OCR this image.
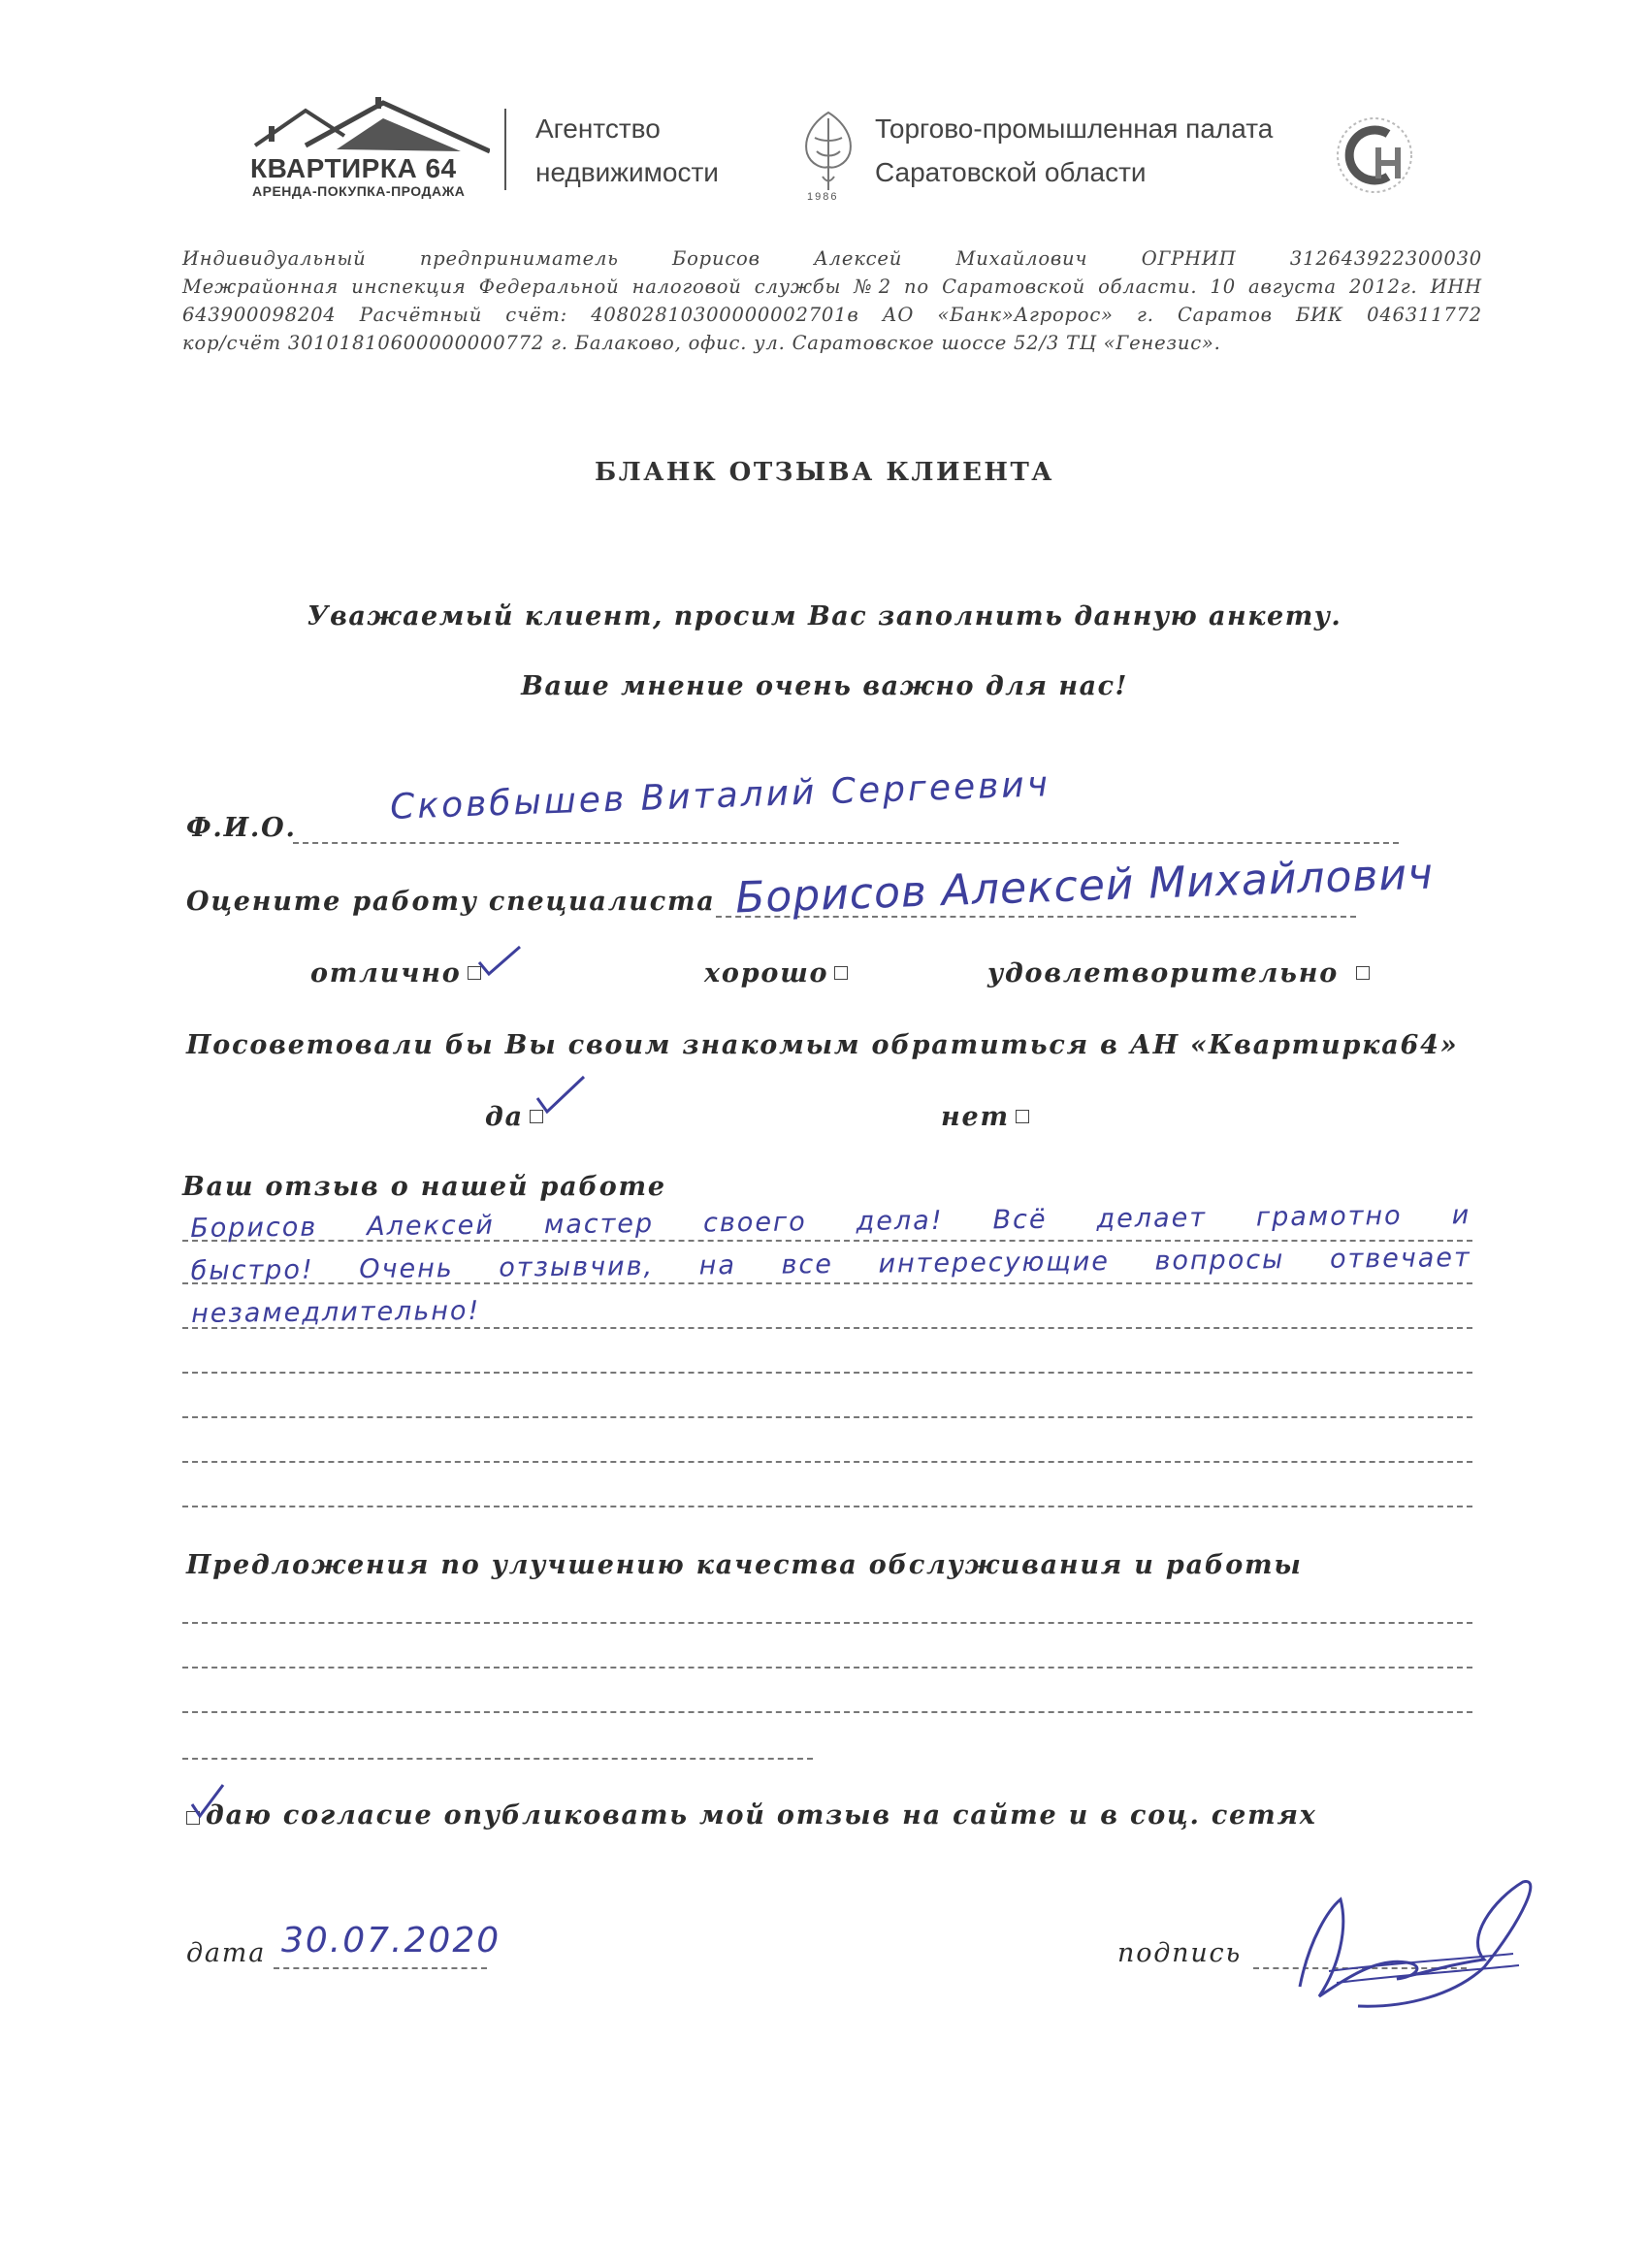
КВАРТИРКА 64
АРЕНДА-ПОКУПКА-ПРОДАЖА
Агентство
недвижимости
1986
Торгово-промышленная палата
Саратовской области
Индивидуальный предприниматель Борисов Алексей Михайлович ОГРНИП 312643922300030
Межрайонная инспекция Федеральной налоговой службы №2 по Саратовской области. 10 августа 2012г. ИНН
643900098204 Расчётный счёт: 40802810300000002701в АО «Банк»Агророс» г. Саратов БИК 046311772
кор/счёт 30101810600000000772 г. Балаково, офис. ул. Саратовское шоссе 52/3 ТЦ «Генезис».
БЛАНК ОТЗЫВА КЛИЕНТА
Уважаемый клиент, просим Вас заполнить данную анкету.
Ваше мнение очень важно для нас!
Ф.И.О.
Сковбышев Виталий Сергеевич
Оцените работу специалиста Борисов Алексей Михайлович
отлично	хорошо	удовлетворительно
Посоветовали бы Вы своим знакомым обратиться в АН «Квартирка64»
да	нет
Ваш отзыв о нашей работе
Борисов Алексей мастер своего дела! Всё делает грамотно и
быстро! Очень отзывчив, на все интересующие вопросы отвечает
незамедлительно!
Предложения по улучшению качества обслуживания и работы
даю согласие опубликовать мой отзыв на сайте и в соц. сетях
дата 30.07.2020	подпись
